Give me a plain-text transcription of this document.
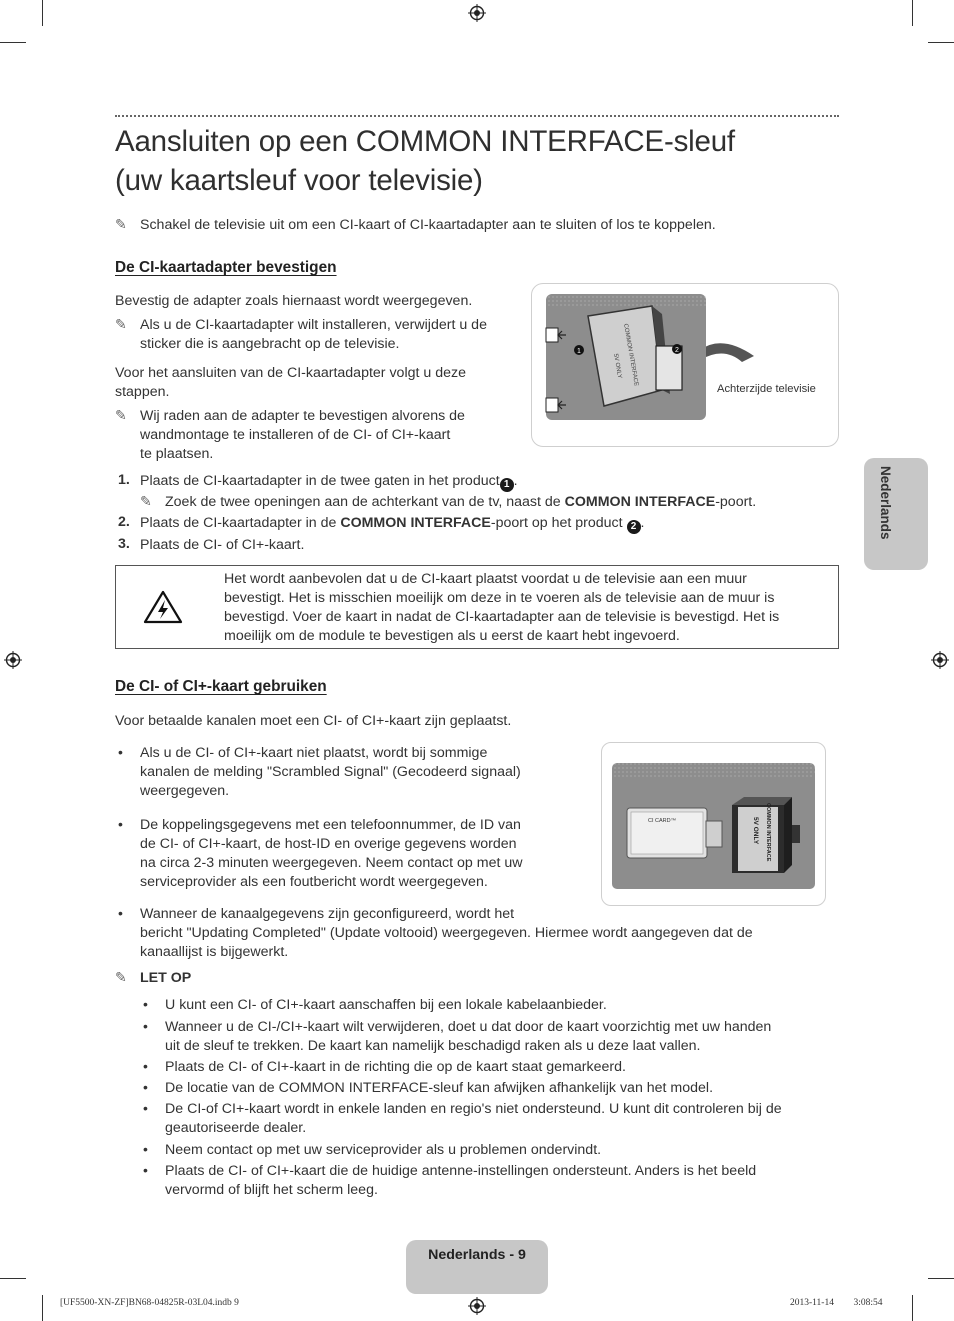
Aansluiten op een COMMON INTERFACE-sleuf
(uw kaartsleuf voor televisie)
✎ Schakel de televisie uit om een CI-kaart of CI-kaartadapter aan te sluiten of los te koppelen.
De CI-kaartadapter bevestigen
Bevestig de adapter zoals hiernaast wordt weergegeven.
✎ Als u de CI-kaartadapter wilt installeren, verwijdert u de
sticker die is aangebracht op de televisie.
Voor het aansluiten van de CI-kaartadapter volgt u deze
stappen.
✎ Wij raden aan de adapter te bevestigen alvorens de
wandmontage te installeren of de CI- of CI+-kaart
te plaatsen.
1	2
COMMON INTERFACE
5V ONLY
Achterzijde televisie
1. Plaats de CI-kaartadapter in de twee gaten in het product 1 .
✎ Zoek de twee openingen aan de achterkant van de tv, naast de COMMON INTERFACE-poort.
2. Plaats de CI-kaartadapter in de COMMON INTERFACE-poort op het product 2 .
3. Plaats de CI- of CI+-kaart.
Het wordt aanbevolen dat u de CI-kaart plaatst voordat u de televisie aan een muur
bevestigt. Het is misschien moeilijk om deze in te voeren als de televisie aan de muur is
bevestigd. Voer de kaart in nadat de CI-kaartadapter aan de televisie is bevestigd. Het is
moeilijk om de module te bevestigen als u eerst de kaart hebt ingevoerd.
De CI- of CI+-kaart gebruiken
Voor betaalde kanalen moet een CI- of CI+-kaart zijn geplaatst.
• Als u de CI- of CI+-kaart niet plaatst, wordt bij sommige
kanalen de melding "Scrambled Signal" (Gecodeerd signaal)
weergegeven.
• De koppelingsgegevens met een telefoonnummer, de ID van
de CI- of CI+-kaart, de host-ID en overige gegevens worden
na circa 2-3 minuten weergegeven. Neem contact op met uw
serviceprovider als een foutbericht wordt weergegeven.
• Wanneer de kanaalgegevens zijn geconfigureerd, wordt het
bericht "Updating Completed" (Update voltooid) weergegeven. Hiermee wordt aangegeven dat de
kanaallijst is bijgewerkt.
CI CARD™	COMMON INTERFACE
5V ONLY
✎ LET OP
• U kunt een CI- of CI+-kaart aanschaffen bij een lokale kabelaanbieder.
• Wanneer u de CI-/CI+-kaart wilt verwijderen, doet u dat door de kaart voorzichtig met uw handen
uit de sleuf te trekken. De kaart kan namelijk beschadigd raken als u deze laat vallen.
• Plaats de CI- of CI+-kaart in de richting die op de kaart staat gemarkeerd.
• De locatie van de COMMON INTERFACE-sleuf kan afwijken afhankelijk van het model.
• De CI-of CI+-kaart wordt in enkele landen en regio's niet ondersteund. U kunt dit controleren bij de
geautoriseerde dealer.
• Neem contact op met uw serviceprovider als u problemen ondervindt.
• Plaats de CI- of CI+-kaart die de huidige antenne-instellingen ondersteunt. Anders is het beeld
vervormd of blijft het scherm leeg.
Nederlands
Nederlands - 9
[UF5500-XN-ZF]BN68-04825R-03L04.indb 9	2013-11-14 ￿￿ 3:08:54
